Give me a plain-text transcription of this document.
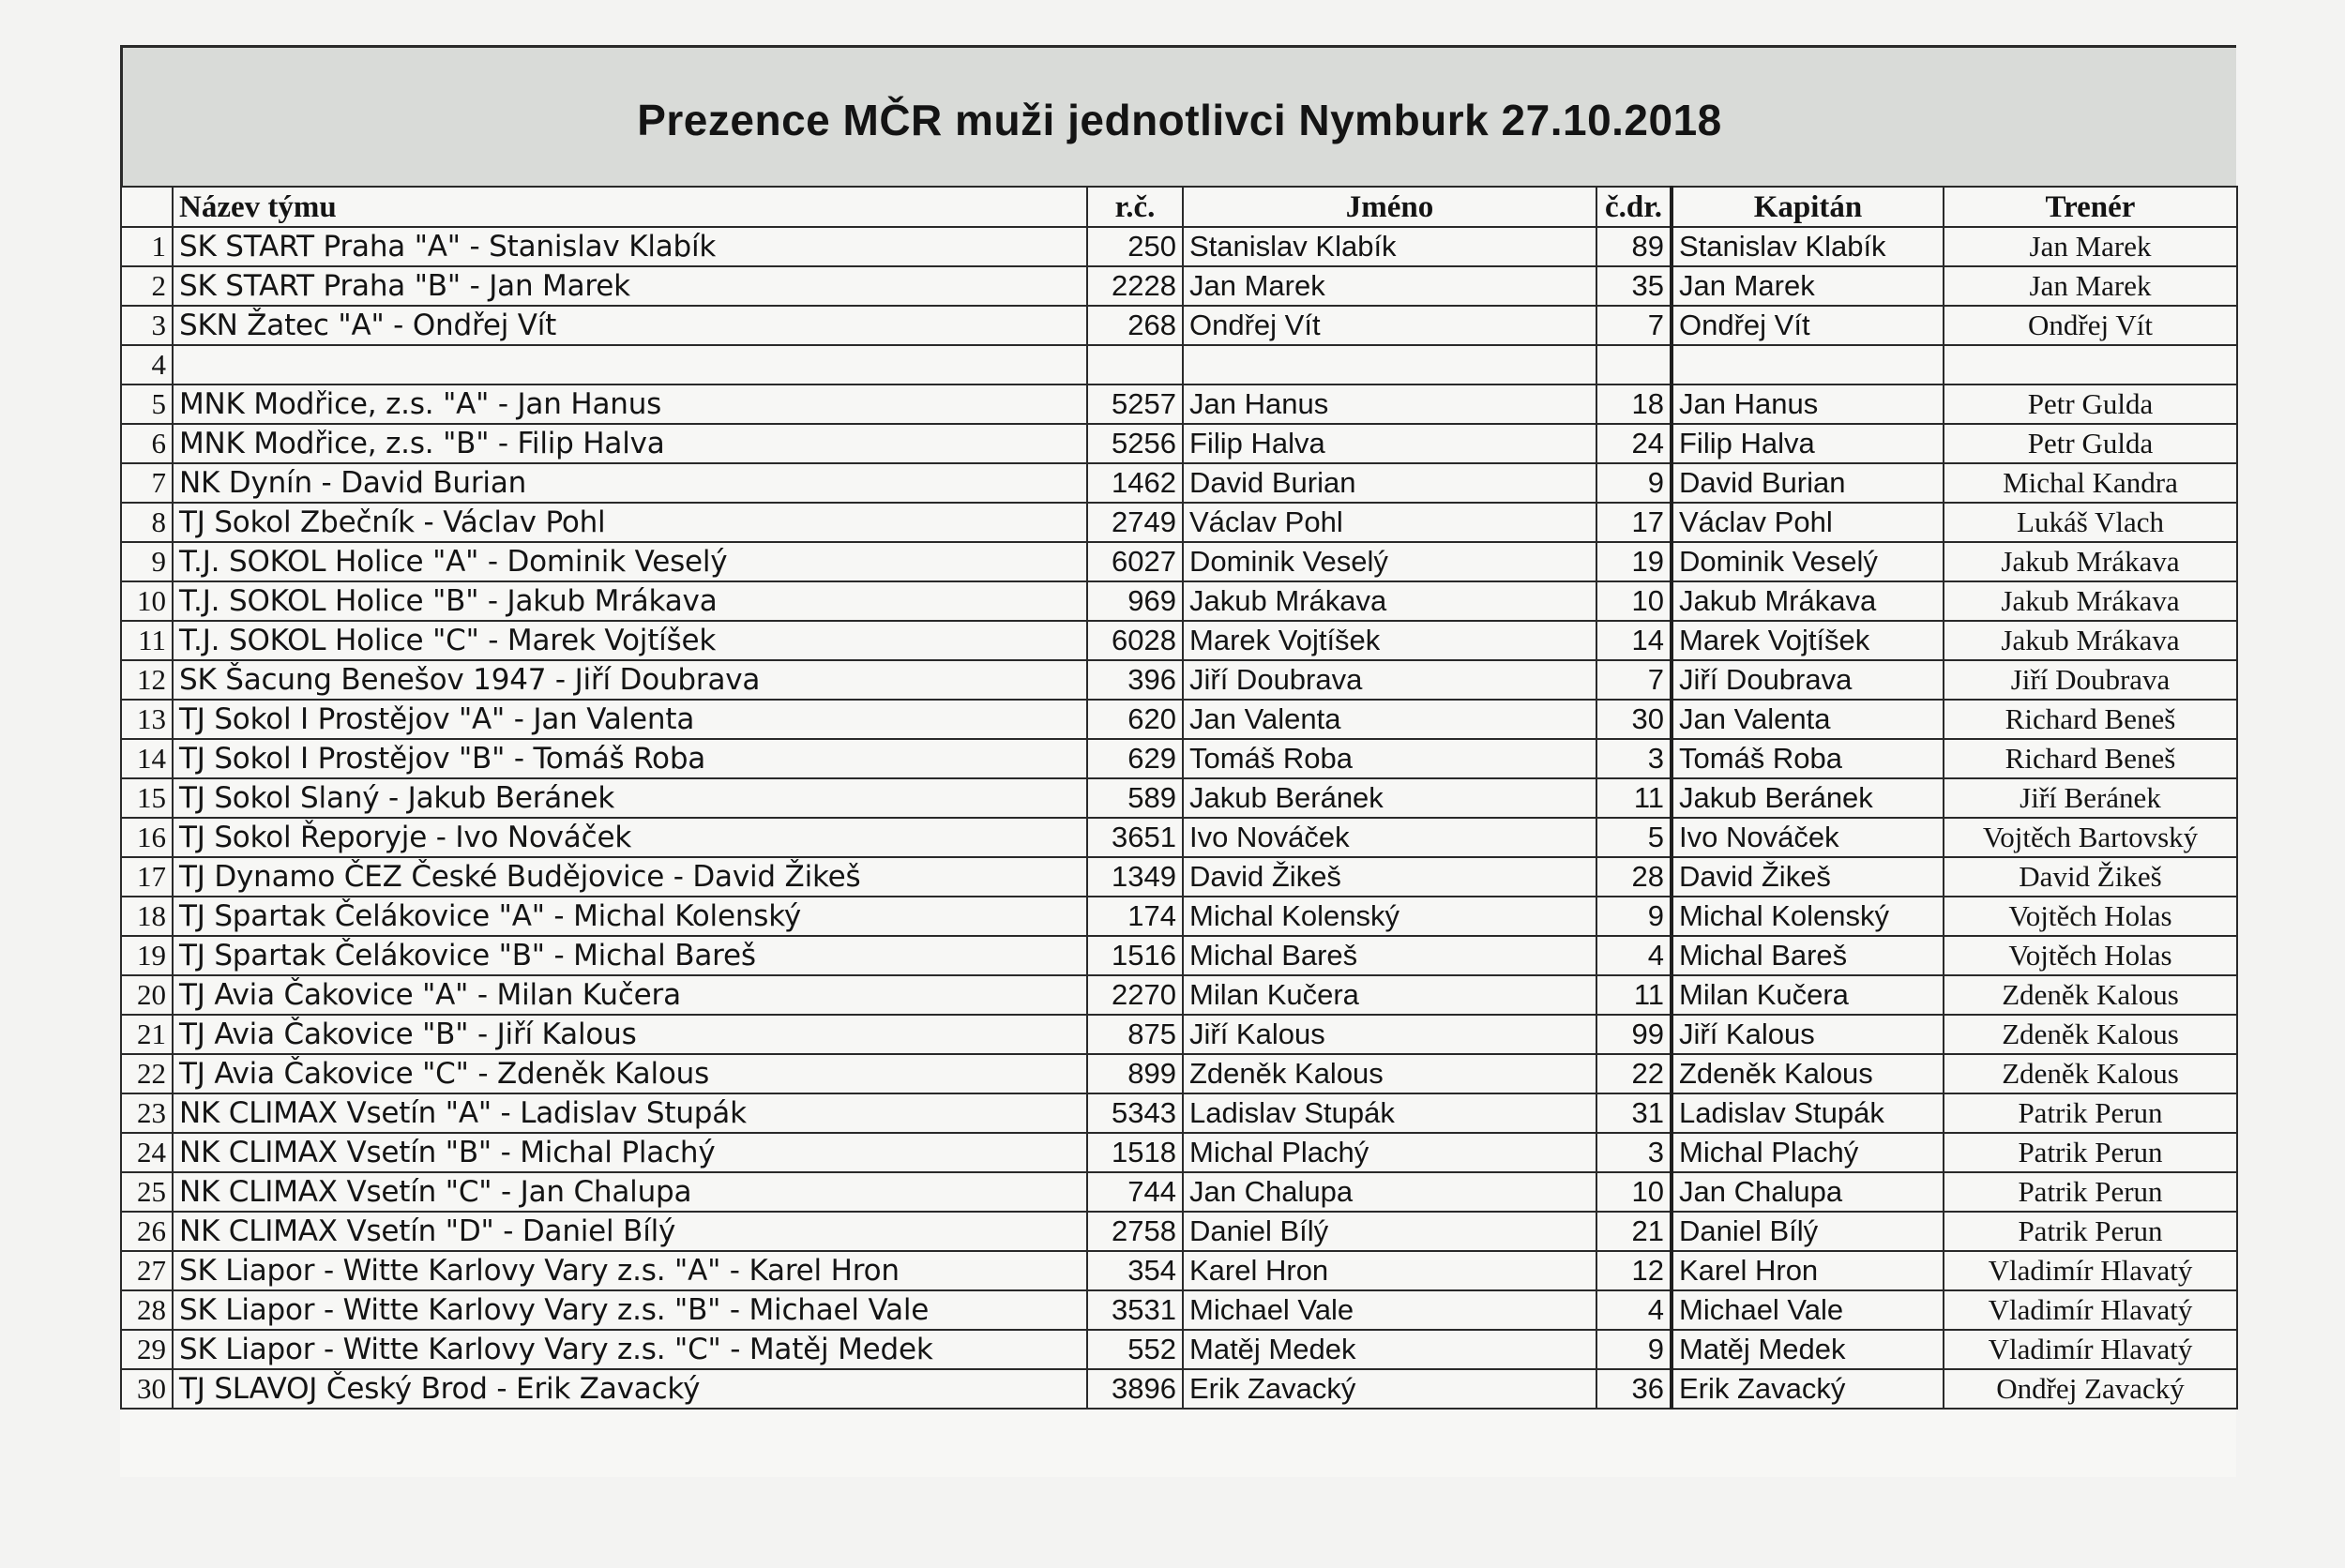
Prezence MČR muži jednotlivci Nymburk 27.10.2018
	Název týmu	r.č.	Jméno	č.dr.	Kapitán	Trenér
1	SK START Praha "A" - Stanislav Klabík	250	Stanislav Klabík	89	Stanislav Klabík	Jan Marek
2	SK START Praha "B" - Jan Marek	2228	Jan Marek	35	Jan Marek	Jan Marek
3	SKN Žatec "A" - Ondřej Vít	268	Ondřej Vít	7	Ondřej Vít	Ondřej Vít
4						
5	MNK Modřice, z.s. "A" - Jan Hanus	5257	Jan Hanus	18	Jan Hanus	Petr Gulda
6	MNK Modřice, z.s. "B" - Filip Halva	5256	Filip Halva	24	Filip Halva	Petr Gulda
7	NK Dynín - David Burian	1462	David Burian	9	David Burian	Michal Kandra
8	TJ Sokol Zbečník - Václav Pohl	2749	Václav Pohl	17	Václav Pohl	Lukáš Vlach
9	T.J. SOKOL Holice "A" - Dominik Veselý	6027	Dominik Veselý	19	Dominik Veselý	Jakub Mrákava
10	T.J. SOKOL Holice "B" - Jakub Mrákava	969	Jakub Mrákava	10	Jakub Mrákava	Jakub Mrákava
11	T.J. SOKOL Holice "C" - Marek Vojtíšek	6028	Marek Vojtíšek	14	Marek Vojtíšek	Jakub Mrákava
12	SK Šacung Benešov 1947 - Jiří Doubrava	396	Jiří Doubrava	7	Jiří Doubrava	Jiří Doubrava
13	TJ Sokol I Prostějov "A" - Jan Valenta	620	Jan Valenta	30	Jan Valenta	Richard Beneš
14	TJ Sokol I Prostějov "B" - Tomáš Roba	629	Tomáš Roba	3	Tomáš Roba	Richard Beneš
15	TJ Sokol Slaný - Jakub Beránek	589	Jakub Beránek	11	Jakub Beránek	Jiří Beránek
16	TJ Sokol Řeporyje - Ivo Nováček	3651	Ivo Nováček	5	Ivo Nováček	Vojtěch Bartovský
17	TJ Dynamo ČEZ České Budějovice - David Žikeš	1349	David Žikeš	28	David Žikeš	David Žikeš
18	TJ Spartak Čelákovice "A" - Michal Kolenský	174	Michal Kolenský	9	Michal Kolenský	Vojtěch Holas
19	TJ Spartak Čelákovice "B" - Michal Bareš	1516	Michal Bareš	4	Michal Bareš	Vojtěch Holas
20	TJ Avia Čakovice "A" - Milan Kučera	2270	Milan Kučera	11	Milan Kučera	Zdeněk Kalous
21	TJ Avia Čakovice "B" - Jiří Kalous	875	Jiří Kalous	99	Jiří Kalous	Zdeněk Kalous
22	TJ Avia Čakovice "C" - Zdeněk Kalous	899	Zdeněk Kalous	22	Zdeněk Kalous	Zdeněk Kalous
23	NK CLIMAX Vsetín "A" - Ladislav Stupák	5343	Ladislav Stupák	31	Ladislav Stupák	Patrik Perun
24	NK CLIMAX Vsetín "B" - Michal Plachý	1518	Michal Plachý	3	Michal Plachý	Patrik Perun
25	NK CLIMAX Vsetín "C" - Jan Chalupa	744	Jan Chalupa	10	Jan Chalupa	Patrik Perun
26	NK CLIMAX Vsetín "D" - Daniel Bílý	2758	Daniel Bílý	21	Daniel Bílý	Patrik Perun
27	SK Liapor - Witte Karlovy Vary z.s. "A" - Karel Hron	354	Karel Hron	12	Karel Hron	Vladimír Hlavatý
28	SK Liapor - Witte Karlovy Vary z.s. "B" - Michael Vale	3531	Michael Vale	4	Michael Vale	Vladimír Hlavatý
29	SK Liapor - Witte Karlovy Vary z.s. "C" - Matěj Medek	552	Matěj Medek	9	Matěj Medek	Vladimír Hlavatý
30	TJ SLAVOJ Český Brod - Erik Zavacký	3896	Erik Zavacký	36	Erik Zavacký	Ondřej Zavacký
